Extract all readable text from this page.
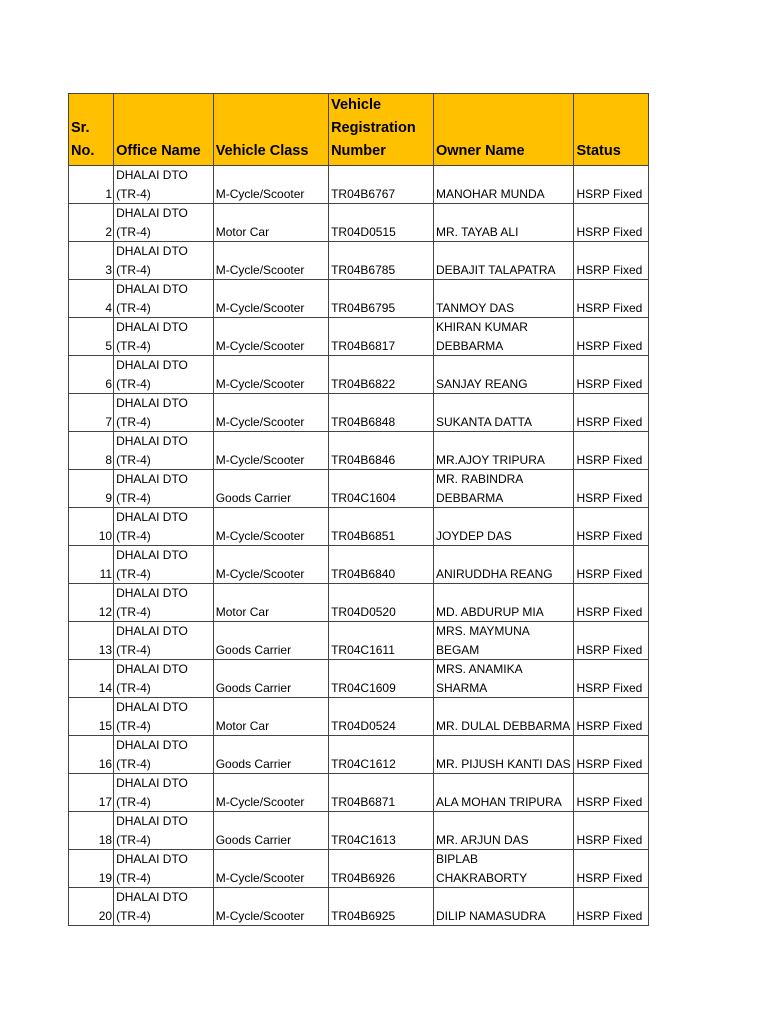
Sr. No.	Office Name	Vehicle Class	Vehicle Registration Number	Owner Name	Status
1	DHALAI DTO (TR-4)	M-Cycle/Scooter	TR04B6767	MANOHAR MUNDA	HSRP Fixed
2	DHALAI DTO (TR-4)	Motor Car	TR04D0515	MR. TAYAB ALI	HSRP Fixed
3	DHALAI DTO (TR-4)	M-Cycle/Scooter	TR04B6785	DEBAJIT TALAPATRA	HSRP Fixed
4	DHALAI DTO (TR-4)	M-Cycle/Scooter	TR04B6795	TANMOY DAS	HSRP Fixed
5	DHALAI DTO (TR-4)	M-Cycle/Scooter	TR04B6817	KHIRAN KUMAR DEBBARMA	HSRP Fixed
6	DHALAI DTO (TR-4)	M-Cycle/Scooter	TR04B6822	SANJAY REANG	HSRP Fixed
7	DHALAI DTO (TR-4)	M-Cycle/Scooter	TR04B6848	SUKANTA DATTA	HSRP Fixed
8	DHALAI DTO (TR-4)	M-Cycle/Scooter	TR04B6846	MR.AJOY TRIPURA	HSRP Fixed
9	DHALAI DTO (TR-4)	Goods Carrier	TR04C1604	MR. RABINDRA DEBBARMA	HSRP Fixed
10	DHALAI DTO (TR-4)	M-Cycle/Scooter	TR04B6851	JOYDEP DAS	HSRP Fixed
11	DHALAI DTO (TR-4)	M-Cycle/Scooter	TR04B6840	ANIRUDDHA REANG	HSRP Fixed
12	DHALAI DTO (TR-4)	Motor Car	TR04D0520	MD. ABDURUP MIA	HSRP Fixed
13	DHALAI DTO (TR-4)	Goods Carrier	TR04C1611	MRS. MAYMUNA BEGAM	HSRP Fixed
14	DHALAI DTO (TR-4)	Goods Carrier	TR04C1609	MRS. ANAMIKA SHARMA	HSRP Fixed
15	DHALAI DTO (TR-4)	Motor Car	TR04D0524	MR. DULAL DEBBARMA	HSRP Fixed
16	DHALAI DTO (TR-4)	Goods Carrier	TR04C1612	MR. PIJUSH KANTI DAS	HSRP Fixed
17	DHALAI DTO (TR-4)	M-Cycle/Scooter	TR04B6871	ALA MOHAN TRIPURA	HSRP Fixed
18	DHALAI DTO (TR-4)	Goods Carrier	TR04C1613	MR. ARJUN DAS	HSRP Fixed
19	DHALAI DTO (TR-4)	M-Cycle/Scooter	TR04B6926	BIPLAB CHAKRABORTY	HSRP Fixed
20	DHALAI DTO (TR-4)	M-Cycle/Scooter	TR04B6925	DILIP NAMASUDRA	HSRP Fixed
